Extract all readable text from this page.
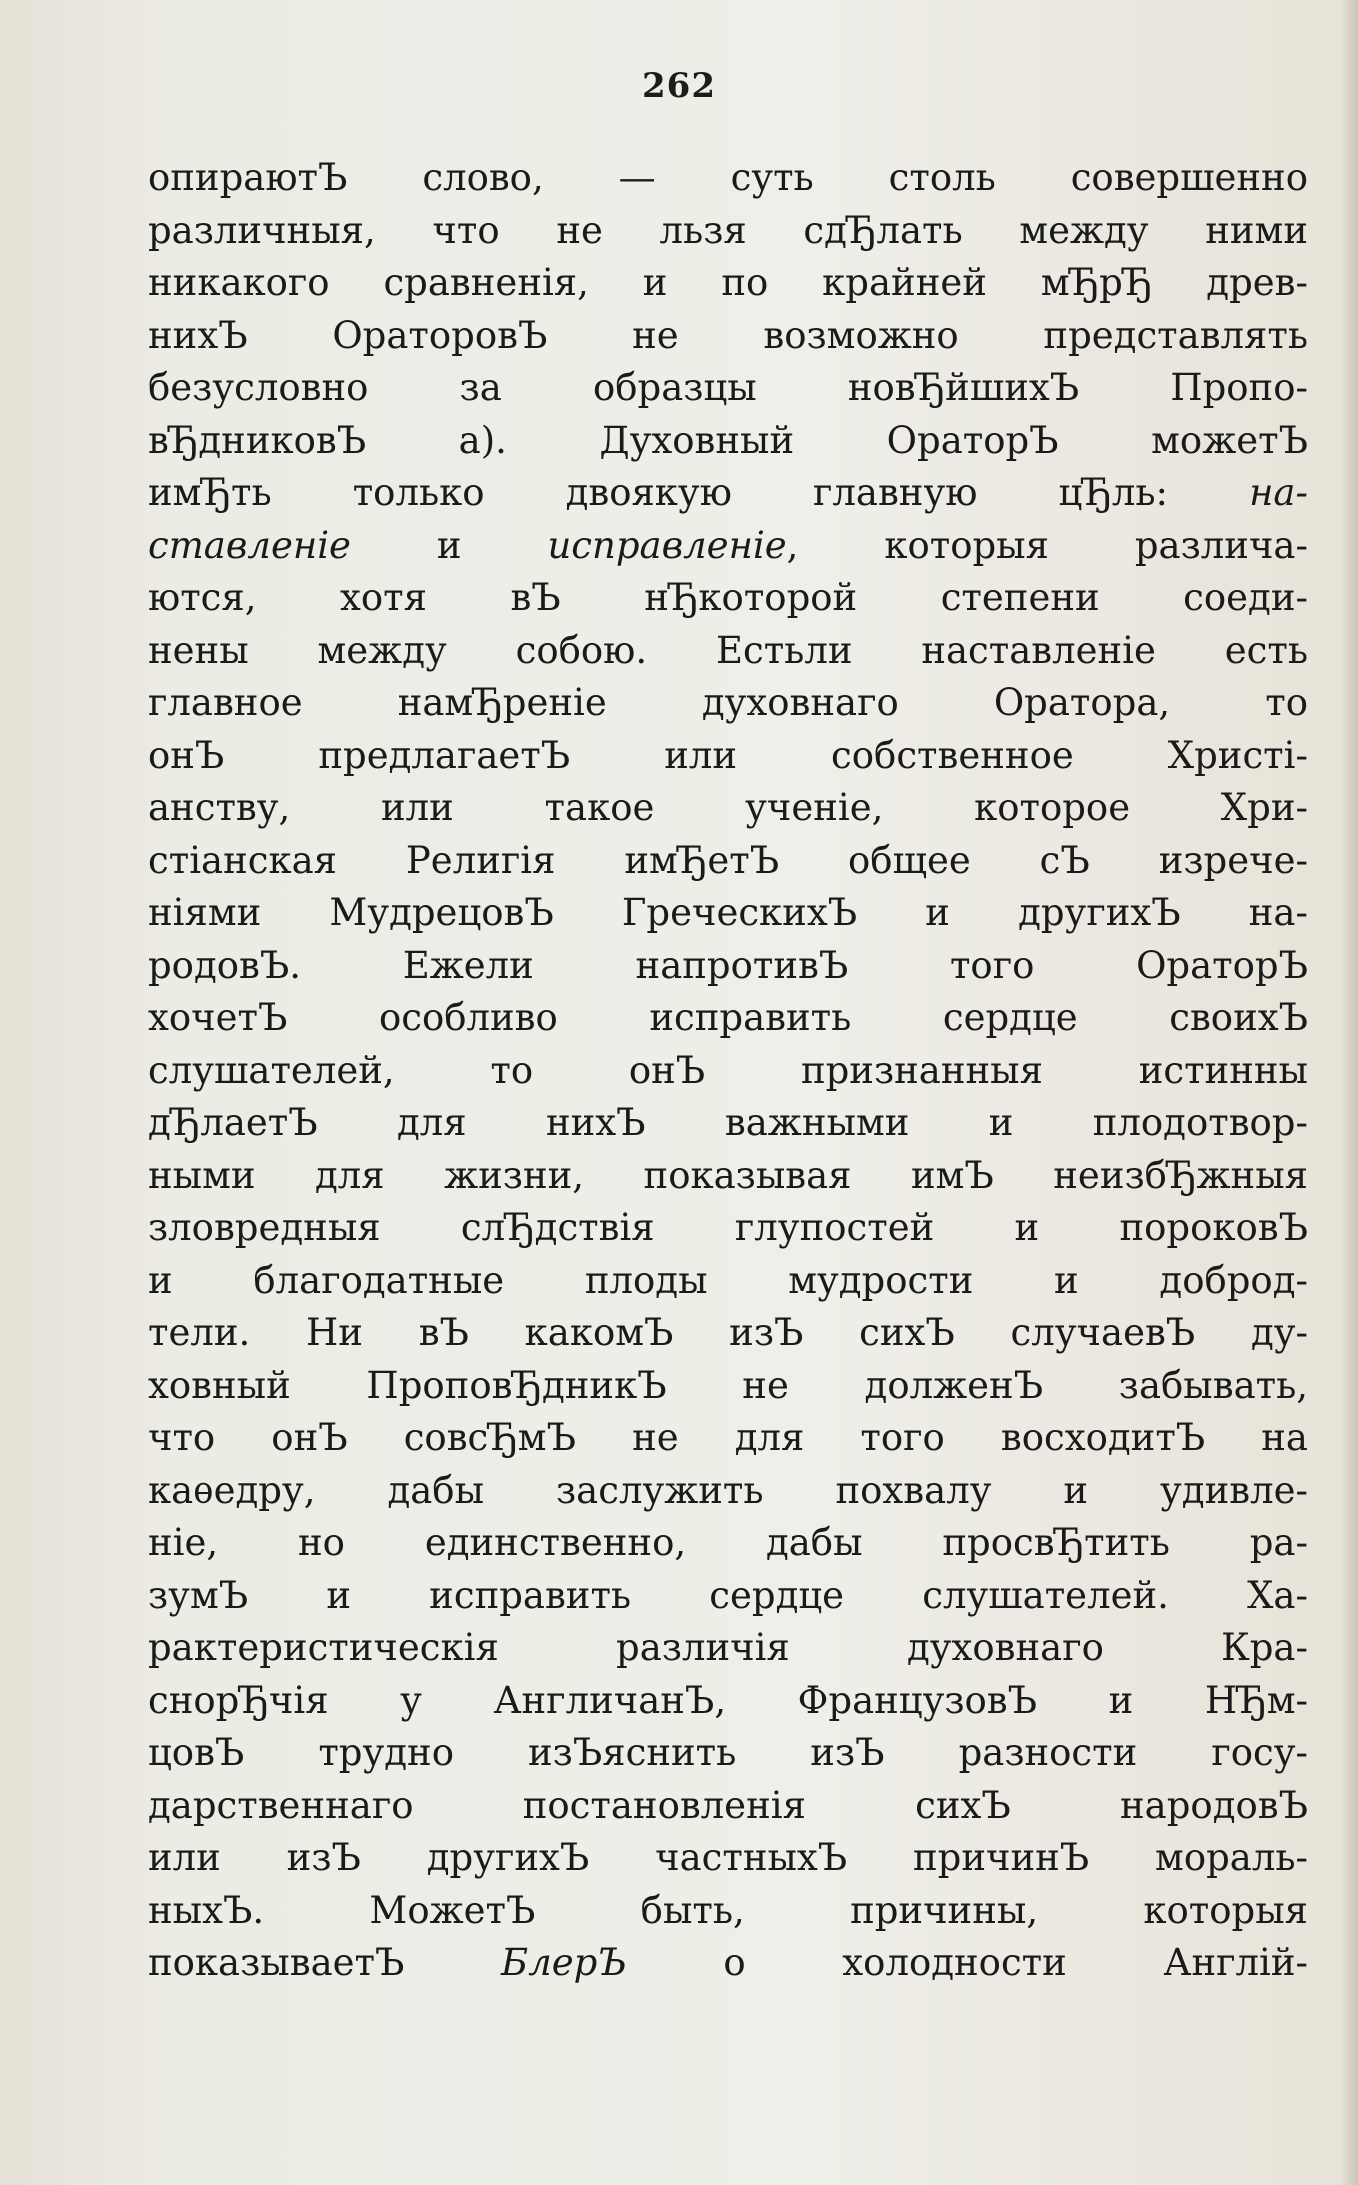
262
опираютЪ слово, — суть столь совершенно
различныя, что не льзя сдЂлать между ними
никакого сравненія, и по крайней мЂрЂ древ-
нихЪ ОраторовЪ не возможно представлять
безусловно за образцы новЂйшихЪ Пропо-
вЂдниковЪ а). Духовный ОраторЪ можетЪ
имЂть только двоякую главную цЂль: на-
ставленіе и исправленіе, которыя различа-
ются, хотя вЪ нЂкоторой степени соеди-
нены между собою. Естьли наставленіе есть
главное намЂреніе духовнаго Оратора, то
онЪ предлагаетЪ или собственное Христі-
анству, или такое ученіе, которое Хри-
стіанская Религія имЂетЪ общее сЪ изрече-
ніями МудрецовЪ ГреческихЪ и другихЪ на-
родовЪ. Ежели напротивЪ того ОраторЪ
хочетЪ особливо исправить сердце своихЪ
слушателей, то онЪ признанныя истинны
дЂлаетЪ для нихЪ важными и плодотвор-
ными для жизни, показывая имЪ неизбЂжныя
зловредныя слЂдствія глупостей и пороковЪ
и благодатные плоды мудрости и доброд-
тели. Ни вЪ какомЪ изЪ сихЪ случаевЪ ду-
ховный ПроповЂдникЪ не долженЪ забывать,
что онЪ совсЂмЪ не для того восходитЪ на
каѳедру, дабы заслужить похвалу и удивле-
ніе, но единственно, дабы просвЂтить ра-
зумЪ и исправить сердце слушателей. Ха-
рактеристическія различія духовнаго Кра-
снорЂчія у АнгличанЪ, ФранцузовЪ и НЂм-
цовЪ трудно изЪяснить изЪ разности госу-
дарственнаго постановленія сихЪ народовЪ
или изЪ другихЪ частныхЪ причинЪ мораль-
ныхЪ. МожетЪ быть, причины, которыя
показываетЪ БлерЪ о холодности Англій-
